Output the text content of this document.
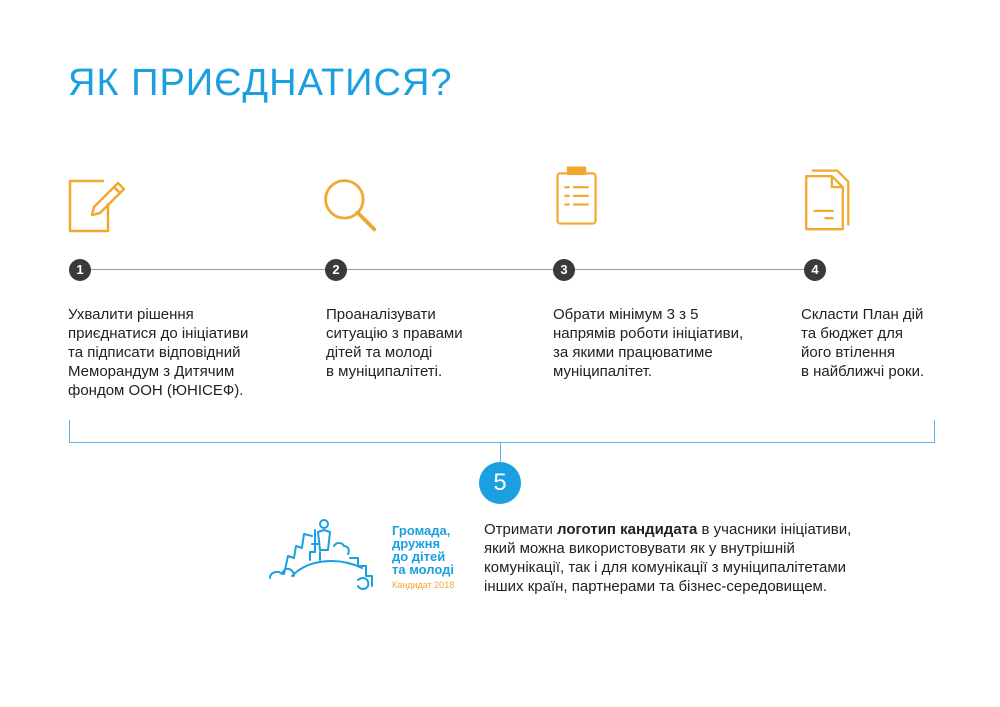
ЯК ПРИЄДНАТИСЯ?
1	2	3	4
Ухвалити рішення
приєднатися до ініціативи
та підписати відповідний
Меморандум з Дитячим
фондом ООН (ЮНІСЕФ).
Проаналізувати
ситуацію з правами
дітей та молоді
в муніципалітеті.
Обрати мінімум 3 з 5
напрямів роботи ініціативи,
за якими працюватиме
муніципалітет.
Скласти План дій
та бюджет для
його втілення
в найближчі роки.
5
Громада,
дружня
до дітей
та молоді
Кандидат 2018
Отримати логотип кандидата в учасники ініціативи, який можна використовувати як у внутрішній комунікації, так і для комунікації з муніципалітетами інших країн, партнерами та бізнес-середовищем.
